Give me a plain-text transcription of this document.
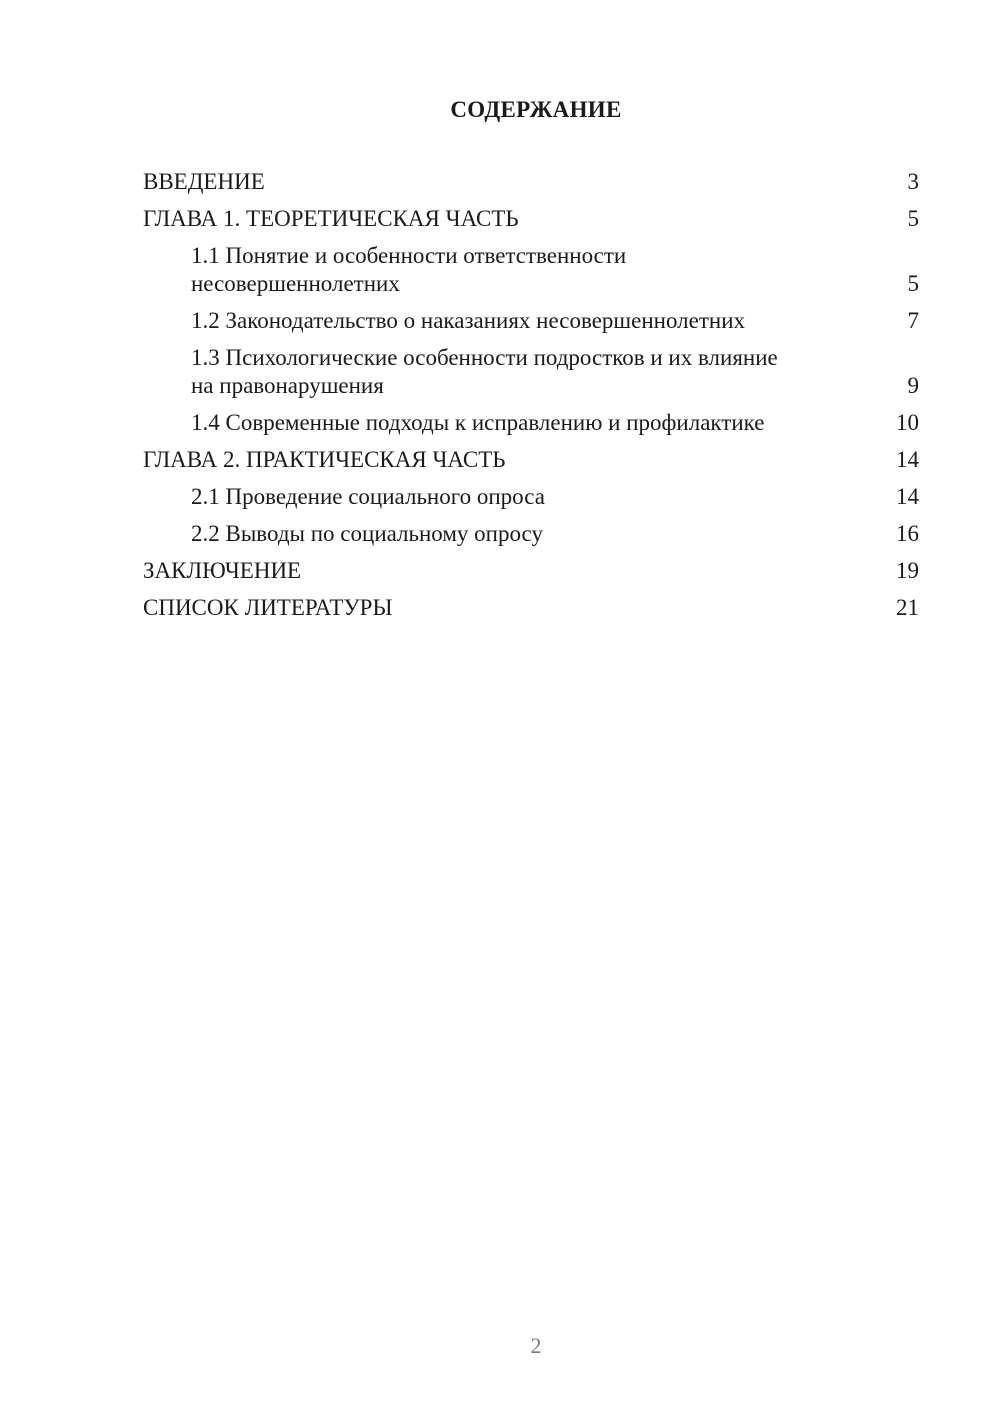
СОДЕРЖАНИЕ
ВВЕДЕНИЕ	3
ГЛАВА 1. ТЕОРЕТИЧЕСКАЯ ЧАСТЬ	5
1.1 Понятие и особенности ответственности
несовершеннолетних	5
1.2 Законодательство о наказаниях несовершеннолетних	7
1.3 Психологические особенности подростков и их влияние
на правонарушения	9
1.4 Современные подходы к исправлению и профилактике	10
ГЛАВА 2. ПРАКТИЧЕСКАЯ ЧАСТЬ	14
2.1 Проведение социального опроса	14
2.2 Выводы по социальному опросу	16
ЗАКЛЮЧЕНИЕ	19
СПИСОК ЛИТЕРАТУРЫ	21
2
